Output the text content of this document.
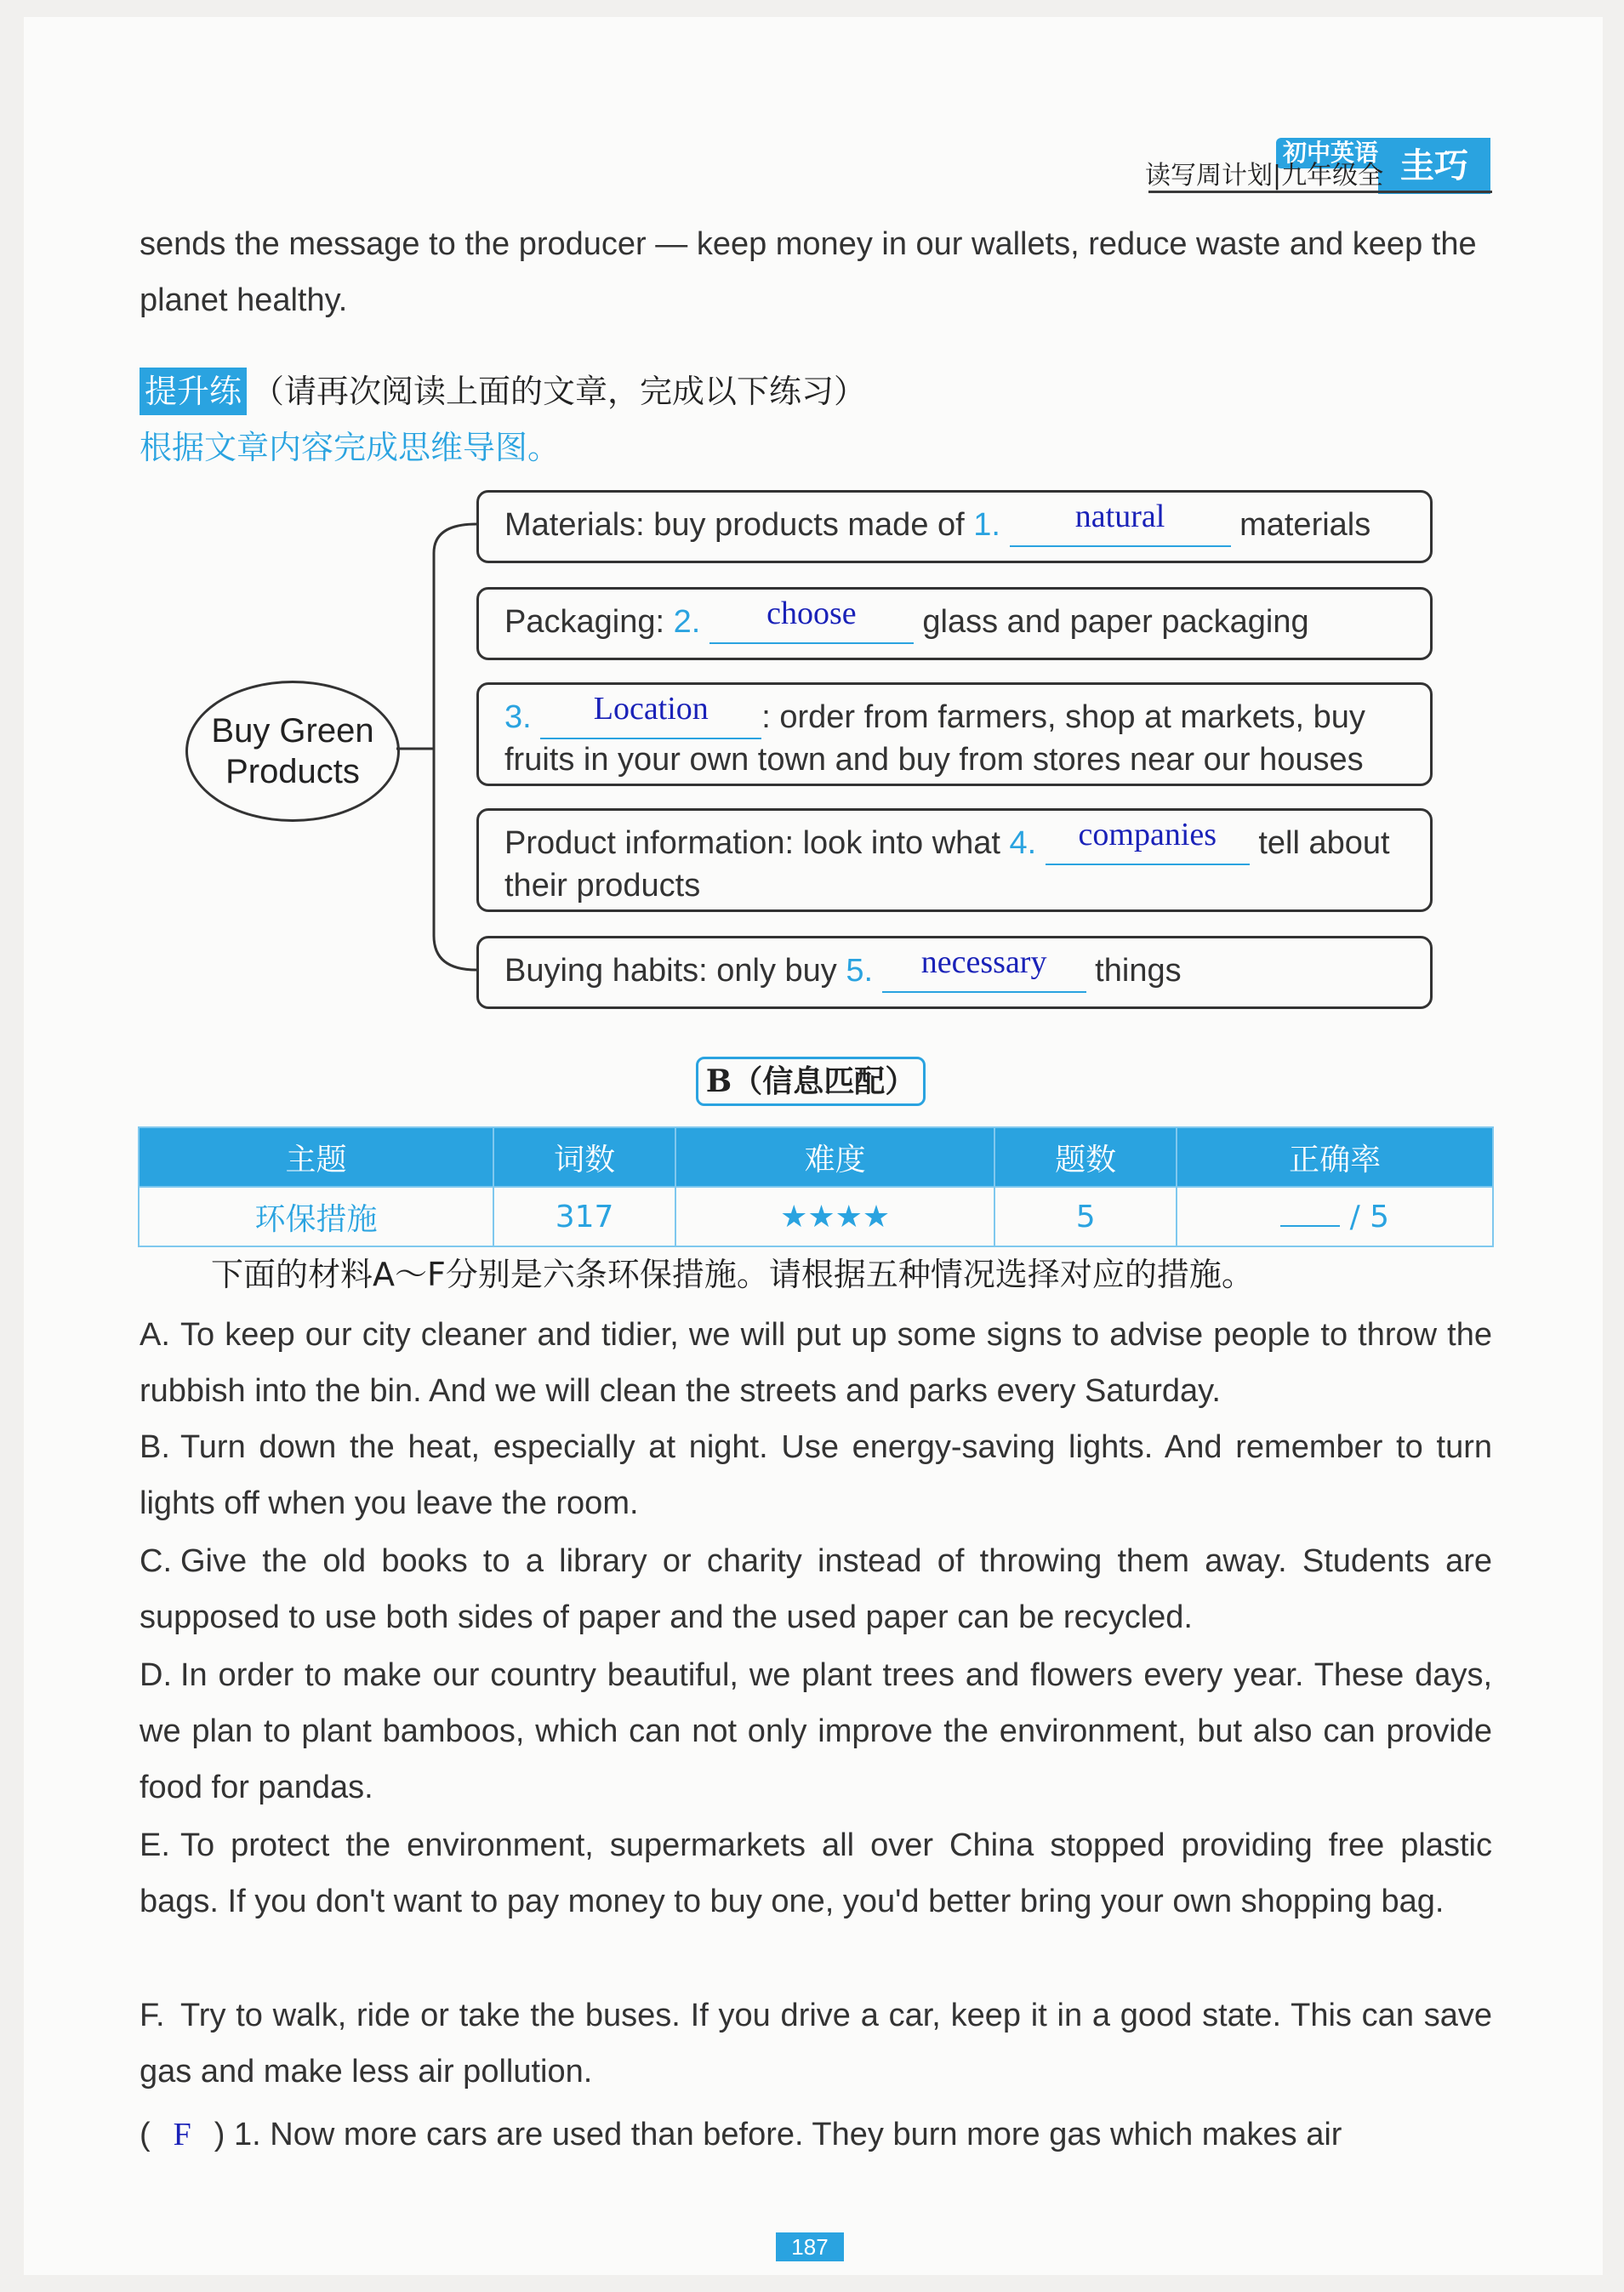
初中英语 圭巧
读写周计划|九年级全
sends the message to the producer — keep money in our wallets, reduce waste and keep the planet healthy.
提升练 （请再次阅读上面的文章，完成以下练习）
根据文章内容完成思维导图。
Buy Green Products
Materials: buy products made of 1.	natural	materials
Packaging: 2.	choose	glass and paper packaging
3.	Location	: order from farmers, shop at markets, buy
fruits in your own town and buy from stores near our houses
Product information: look into what 4.	companies	tell about
their products
Buying habits: only buy 5.	necessary	things
B（信息匹配）
主题	词数	难度	题数	正确率
环保措施	317	★★★★	5	/ 5
下面的材料A～F分别是六条环保措施。请根据五种情况选择对应的措施。
A. To keep our city cleaner and tidier, we will put up some signs to advise people to throw the rubbish into the bin. And we will clean the streets and parks every Saturday.
B. Turn down the heat, especially at night. Use energy-saving lights. And remember to turn lights off when you leave the room.
C. Give the old books to a library or charity instead of throwing them away. Students are supposed to use both sides of paper and the used paper can be recycled.
D. In order to make our country beautiful, we plant trees and flowers every year. These days, we plan to plant bamboos, which can not only improve the environment, but also can provide food for pandas.
E. To protect the environment, supermarkets all over China stopped providing free plastic bags. If you don't want to pay money to buy one, you'd better bring your own shopping bag.
F. Try to walk, ride or take the buses. If you drive a car, keep it in a good state. This can save gas and make less air pollution.
( F ) 1. Now more cars are used than before. They burn more gas which makes air
187
